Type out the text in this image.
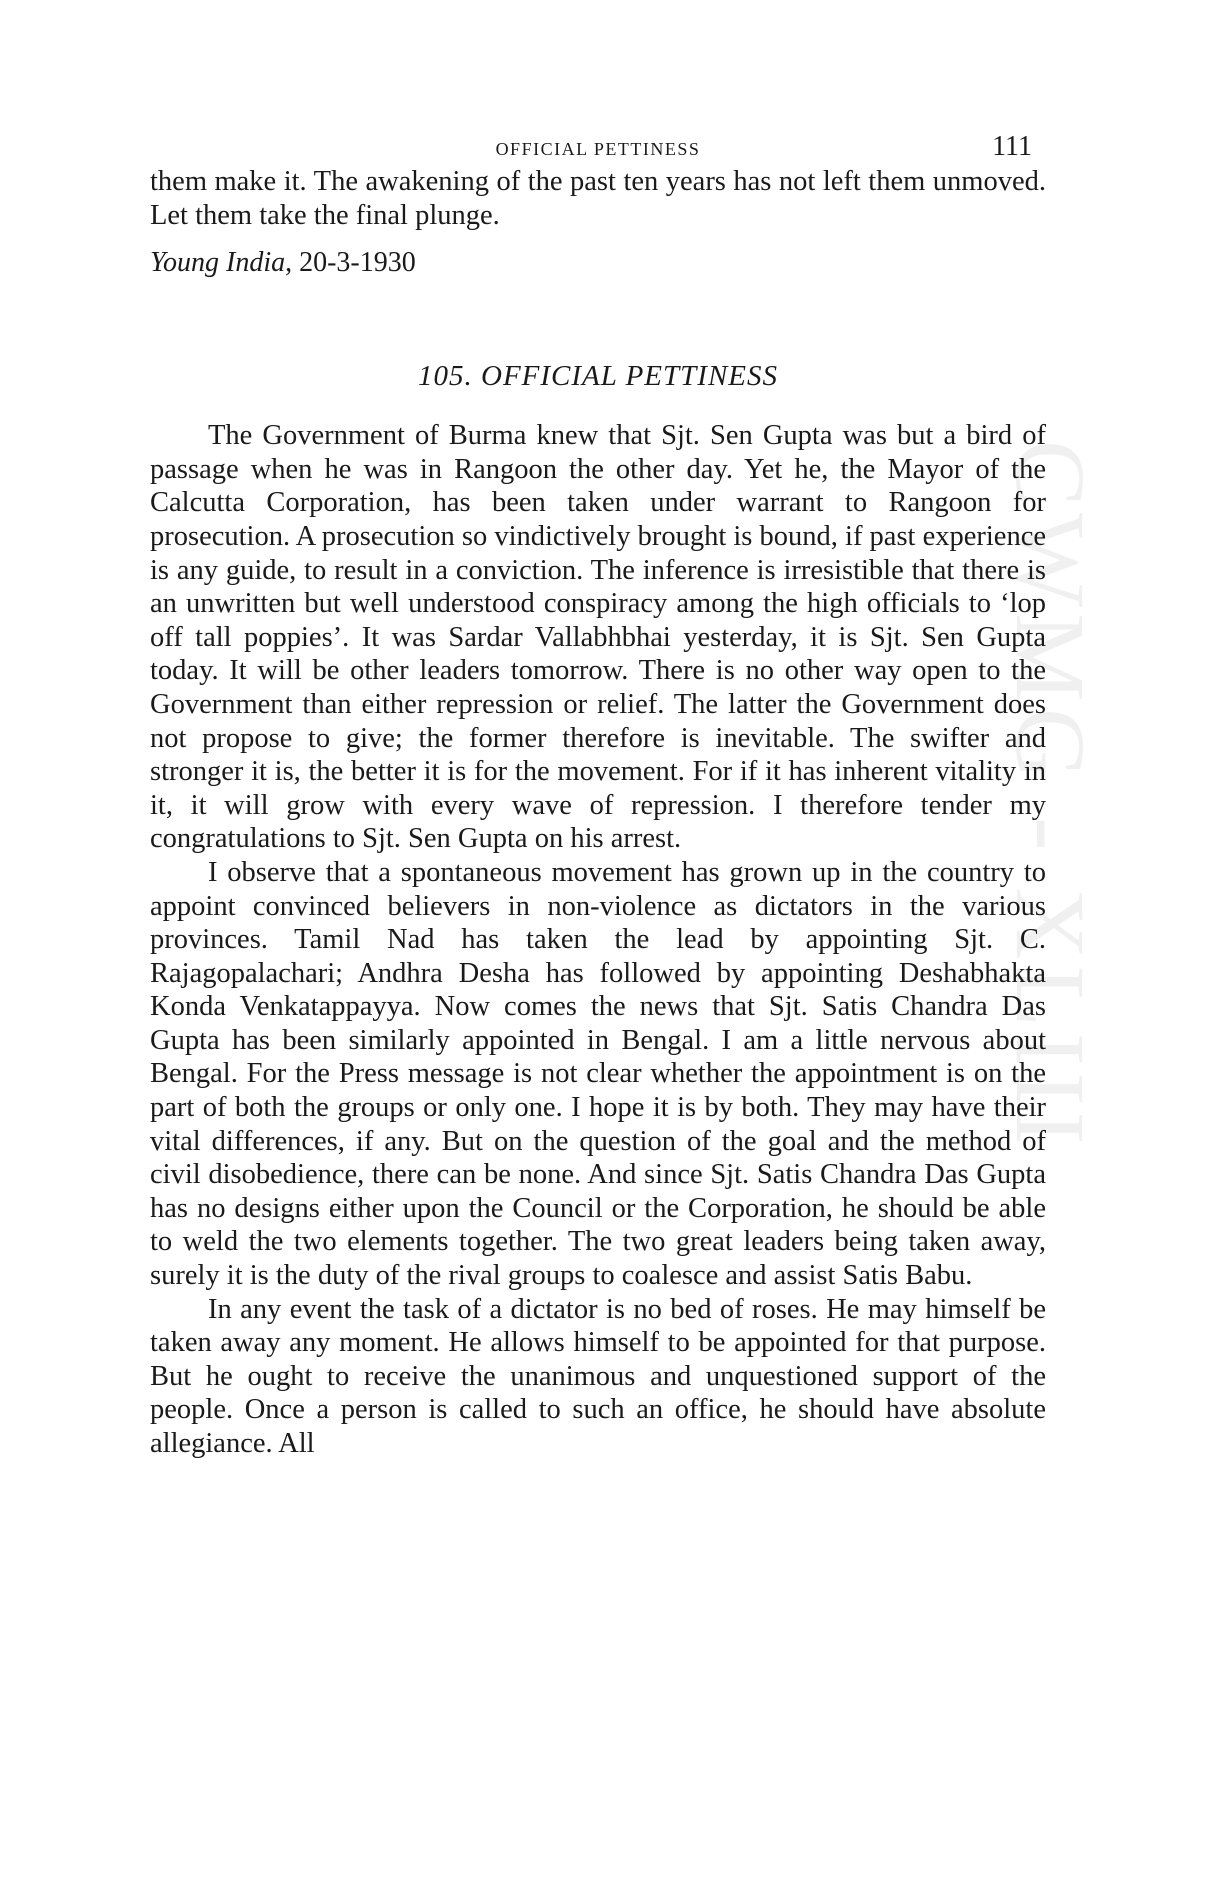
CWMG - XLIII
OFFICIAL PETTINESS	111

them make it. The awakening of the past ten years has not left them unmoved. Let them take the final plunge.

Young India, 20-3-1930
105. OFFICIAL PETTINESS

The Government of Burma knew that Sjt. Sen Gupta was but a bird of passage when he was in Rangoon the other day. Yet he, the Mayor of the Calcutta Corporation, has been taken under warrant to Rangoon for prosecution. A prosecution so vindictively brought is bound, if past experience is any guide, to result in a conviction. The inference is irresistible that there is an unwritten but well understood conspiracy among the high officials to ‘lop off tall poppies’. It was Sardar Vallabhbhai yesterday, it is Sjt. Sen Gupta today. It will be other leaders tomorrow. There is no other way open to the Government than either repression or relief. The latter the Government does not propose to give; the former therefore is inevitable. The swifter and stronger it is, the better it is for the movement. For if it has inherent vitality in it, it will grow with every wave of repression. I therefore tender my congratulations to Sjt. Sen Gupta on his arrest.

I observe that a spontaneous movement has grown up in the country to appoint convinced believers in non-violence as dictators in the various provinces. Tamil Nad has taken the lead by appointing Sjt. C. Rajagopalachari; Andhra Desha has followed by appointing Deshabhakta Konda Venkatappayya. Now comes the news that Sjt. Satis Chandra Das Gupta has been similarly appointed in Bengal. I am a little nervous about Bengal. For the Press message is not clear whether the appointment is on the part of both the groups or only one. I hope it is by both. They may have their vital differences, if any. But on the question of the goal and the method of civil disobedience, there can be none. And since Sjt. Satis Chandra Das Gupta has no designs either upon the Council or the Corporation, he should be able to weld the two elements together. The two great leaders being taken away, surely it is the duty of the rival groups to coalesce and assist Satis Babu.

In any event the task of a dictator is no bed of roses. He may himself be taken away any moment. He allows himself to be appointed for that purpose. But he ought to receive the unanimous and unquestioned support of the people. Once a person is called to such an office, he should have absolute allegiance. All
